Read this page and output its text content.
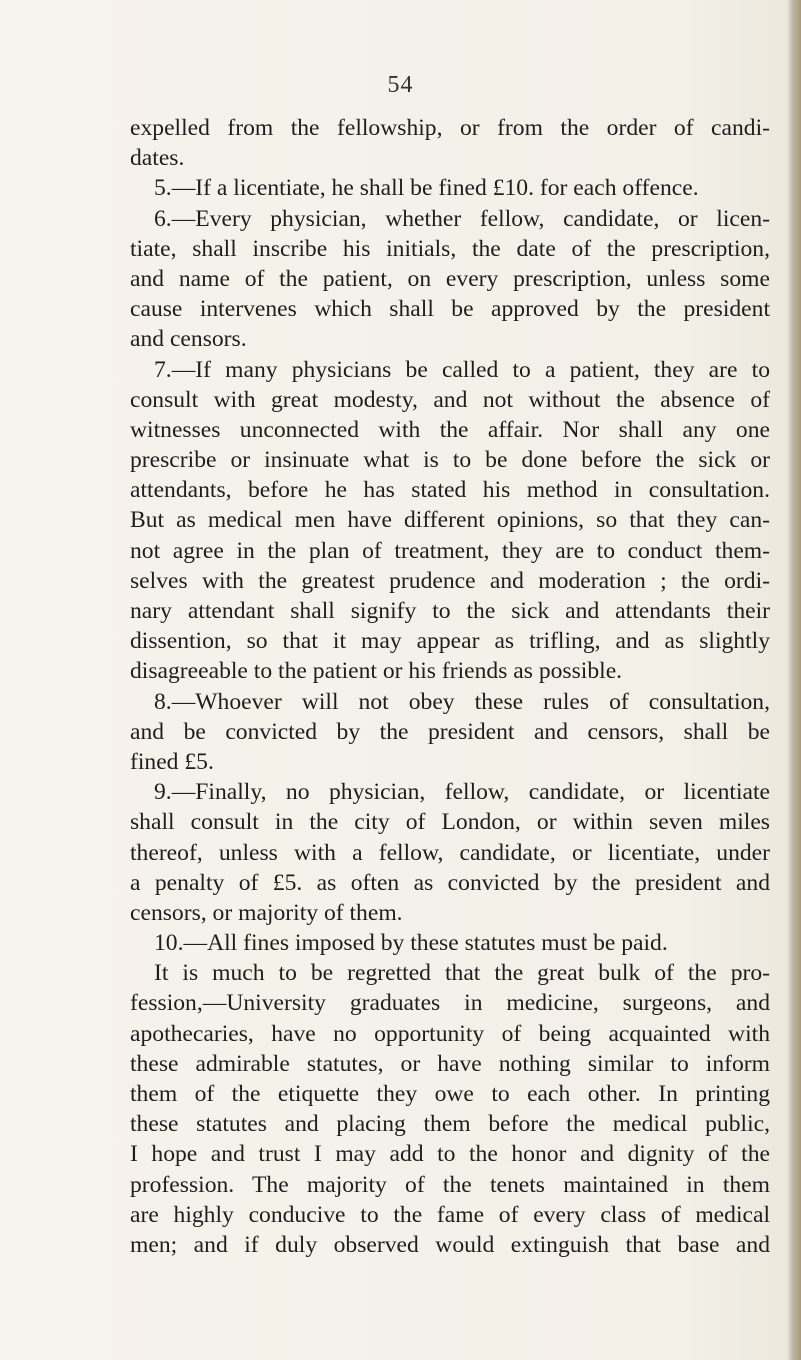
54
expelled from the fellowship, or from the order of candi-
dates.
5.—If a licentiate, he shall be fined £10. for each offence.
6.—Every physician, whether fellow, candidate, or licen-
tiate, shall inscribe his initials, the date of the prescription,
and name of the patient, on every prescription, unless some
cause intervenes which shall be approved by the president
and censors.
7.—If many physicians be called to a patient, they are to
consult with great modesty, and not without the absence of
witnesses unconnected with the affair. Nor shall any one
prescribe or insinuate what is to be done before the sick or
attendants, before he has stated his method in consultation.
But as medical men have different opinions, so that they can-
not agree in the plan of treatment, they are to conduct them-
selves with the greatest prudence and moderation ; the ordi-
nary attendant shall signify to the sick and attendants their
dissention, so that it may appear as trifling, and as slightly
disagreeable to the patient or his friends as possible.
8.—Whoever will not obey these rules of consultation,
and be convicted by the president and censors, shall be
fined £5.
9.—Finally, no physician, fellow, candidate, or licentiate
shall consult in the city of London, or within seven miles
thereof, unless with a fellow, candidate, or licentiate, under
a penalty of £5. as often as convicted by the president and
censors, or majority of them.
10.—All fines imposed by these statutes must be paid.
It is much to be regretted that the great bulk of the pro-
fession,—University graduates in medicine, surgeons, and
apothecaries, have no opportunity of being acquainted with
these admirable statutes, or have nothing similar to inform
them of the etiquette they owe to each other. In printing
these statutes and placing them before the medical public,
I hope and trust I may add to the honor and dignity of the
profession. The majority of the tenets maintained in them
are highly conducive to the fame of every class of medical
men; and if duly observed would extinguish that base and
